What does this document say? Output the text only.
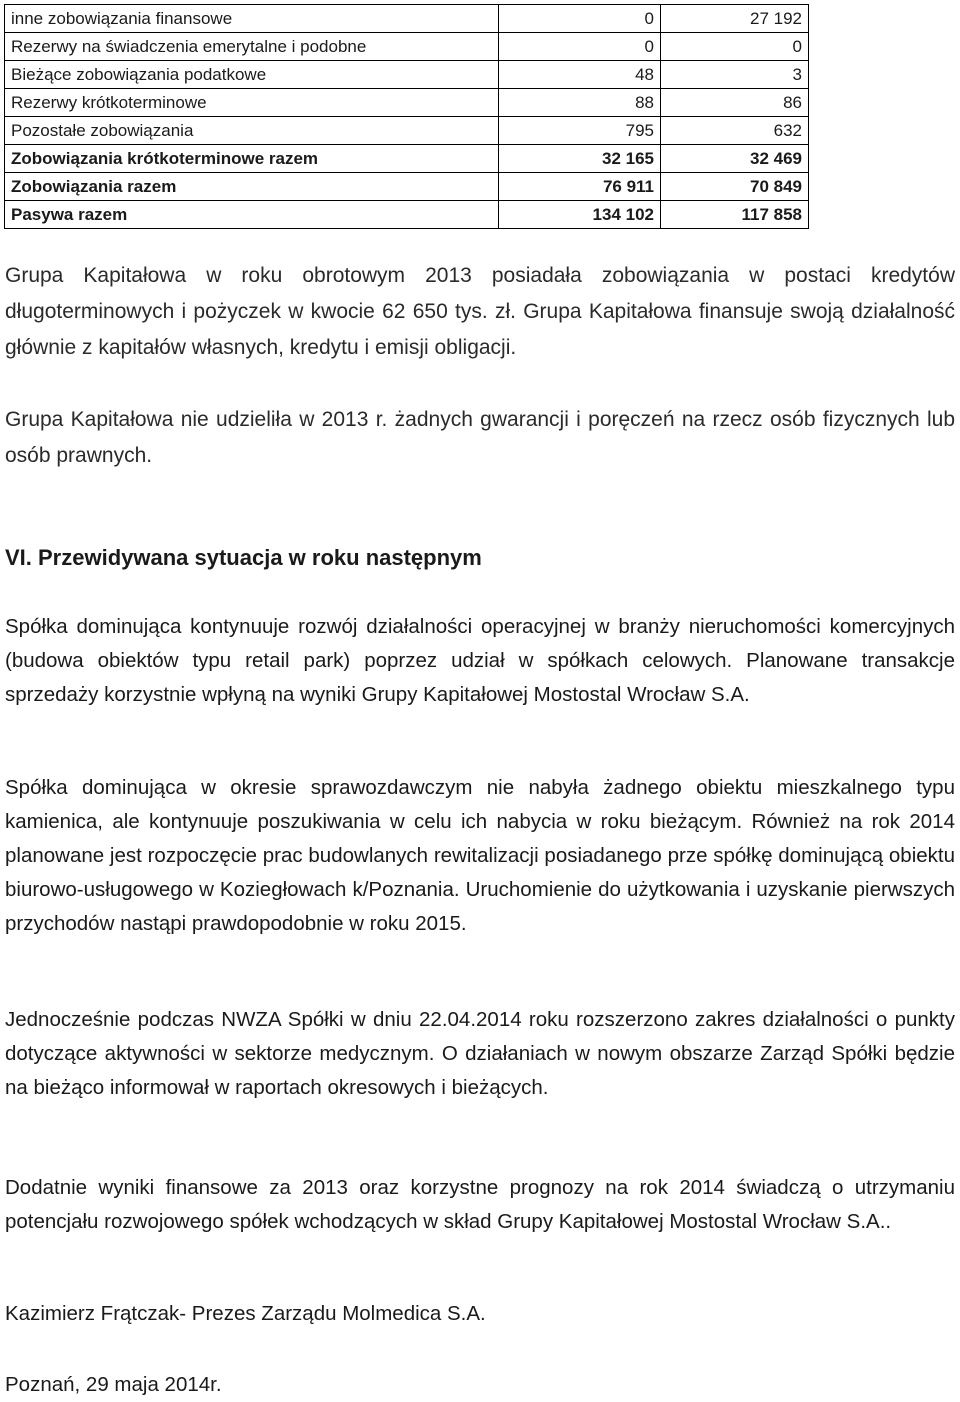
inne zobowiązania finansowe	0	27 192
Rezerwy na świadczenia emerytalne i podobne	0	0
Bieżące zobowiązania podatkowe	48	3
Rezerwy krótkoterminowe	88	86
Pozostałe zobowiązania	795	632
Zobowiązania krótkoterminowe razem	32 165	32 469
Zobowiązania razem	76 911	70 849
Pasywa razem	134 102	117 858

Grupa Kapitałowa w roku obrotowym 2013 posiadała zobowiązania w postaci kredytów długoterminowych i pożyczek w kwocie 62 650 tys. zł. Grupa Kapitałowa finansuje swoją działalność głównie z kapitałów własnych, kredytu i emisji obligacji.

Grupa Kapitałowa nie udzieliła w 2013 r. żadnych gwarancji i poręczeń na rzecz osób fizycznych lub osób prawnych.

VI. Przewidywana sytuacja w roku następnym

Spółka dominująca kontynuuje rozwój działalności operacyjnej w branży nieruchomości komercyjnych (budowa obiektów typu retail park) poprzez udział w spółkach celowych. Planowane transakcje sprzedaży korzystnie wpłyną na wyniki Grupy Kapitałowej Mostostal Wrocław S.A.

Spółka dominująca w okresie sprawozdawczym nie nabyła żadnego obiektu mieszkalnego typu kamienica, ale kontynuuje poszukiwania w celu ich nabycia w roku bieżącym. Również na rok 2014 planowane jest rozpoczęcie prac budowlanych rewitalizacji posiadanego prze spółkę dominującą obiektu biurowo-usługowego w Koziegłowach k/Poznania. Uruchomienie do użytkowania i uzyskanie pierwszych przychodów nastąpi prawdopodobnie w roku 2015.

Jednocześnie podczas NWZA Spółki w dniu 22.04.2014 roku rozszerzono zakres działalności o punkty dotyczące aktywności w sektorze medycznym. O działaniach w nowym obszarze Zarząd Spółki będzie na bieżąco informował w raportach okresowych i bieżących.

Dodatnie wyniki finansowe za 2013 oraz korzystne prognozy na rok 2014 świadczą o utrzymaniu potencjału rozwojowego spółek wchodzących w skład Grupy Kapitałowej Mostostal Wrocław S.A..

Kazimierz Frątczak- Prezes Zarządu Molmedica S.A.

Poznań, 29 maja 2014r.
